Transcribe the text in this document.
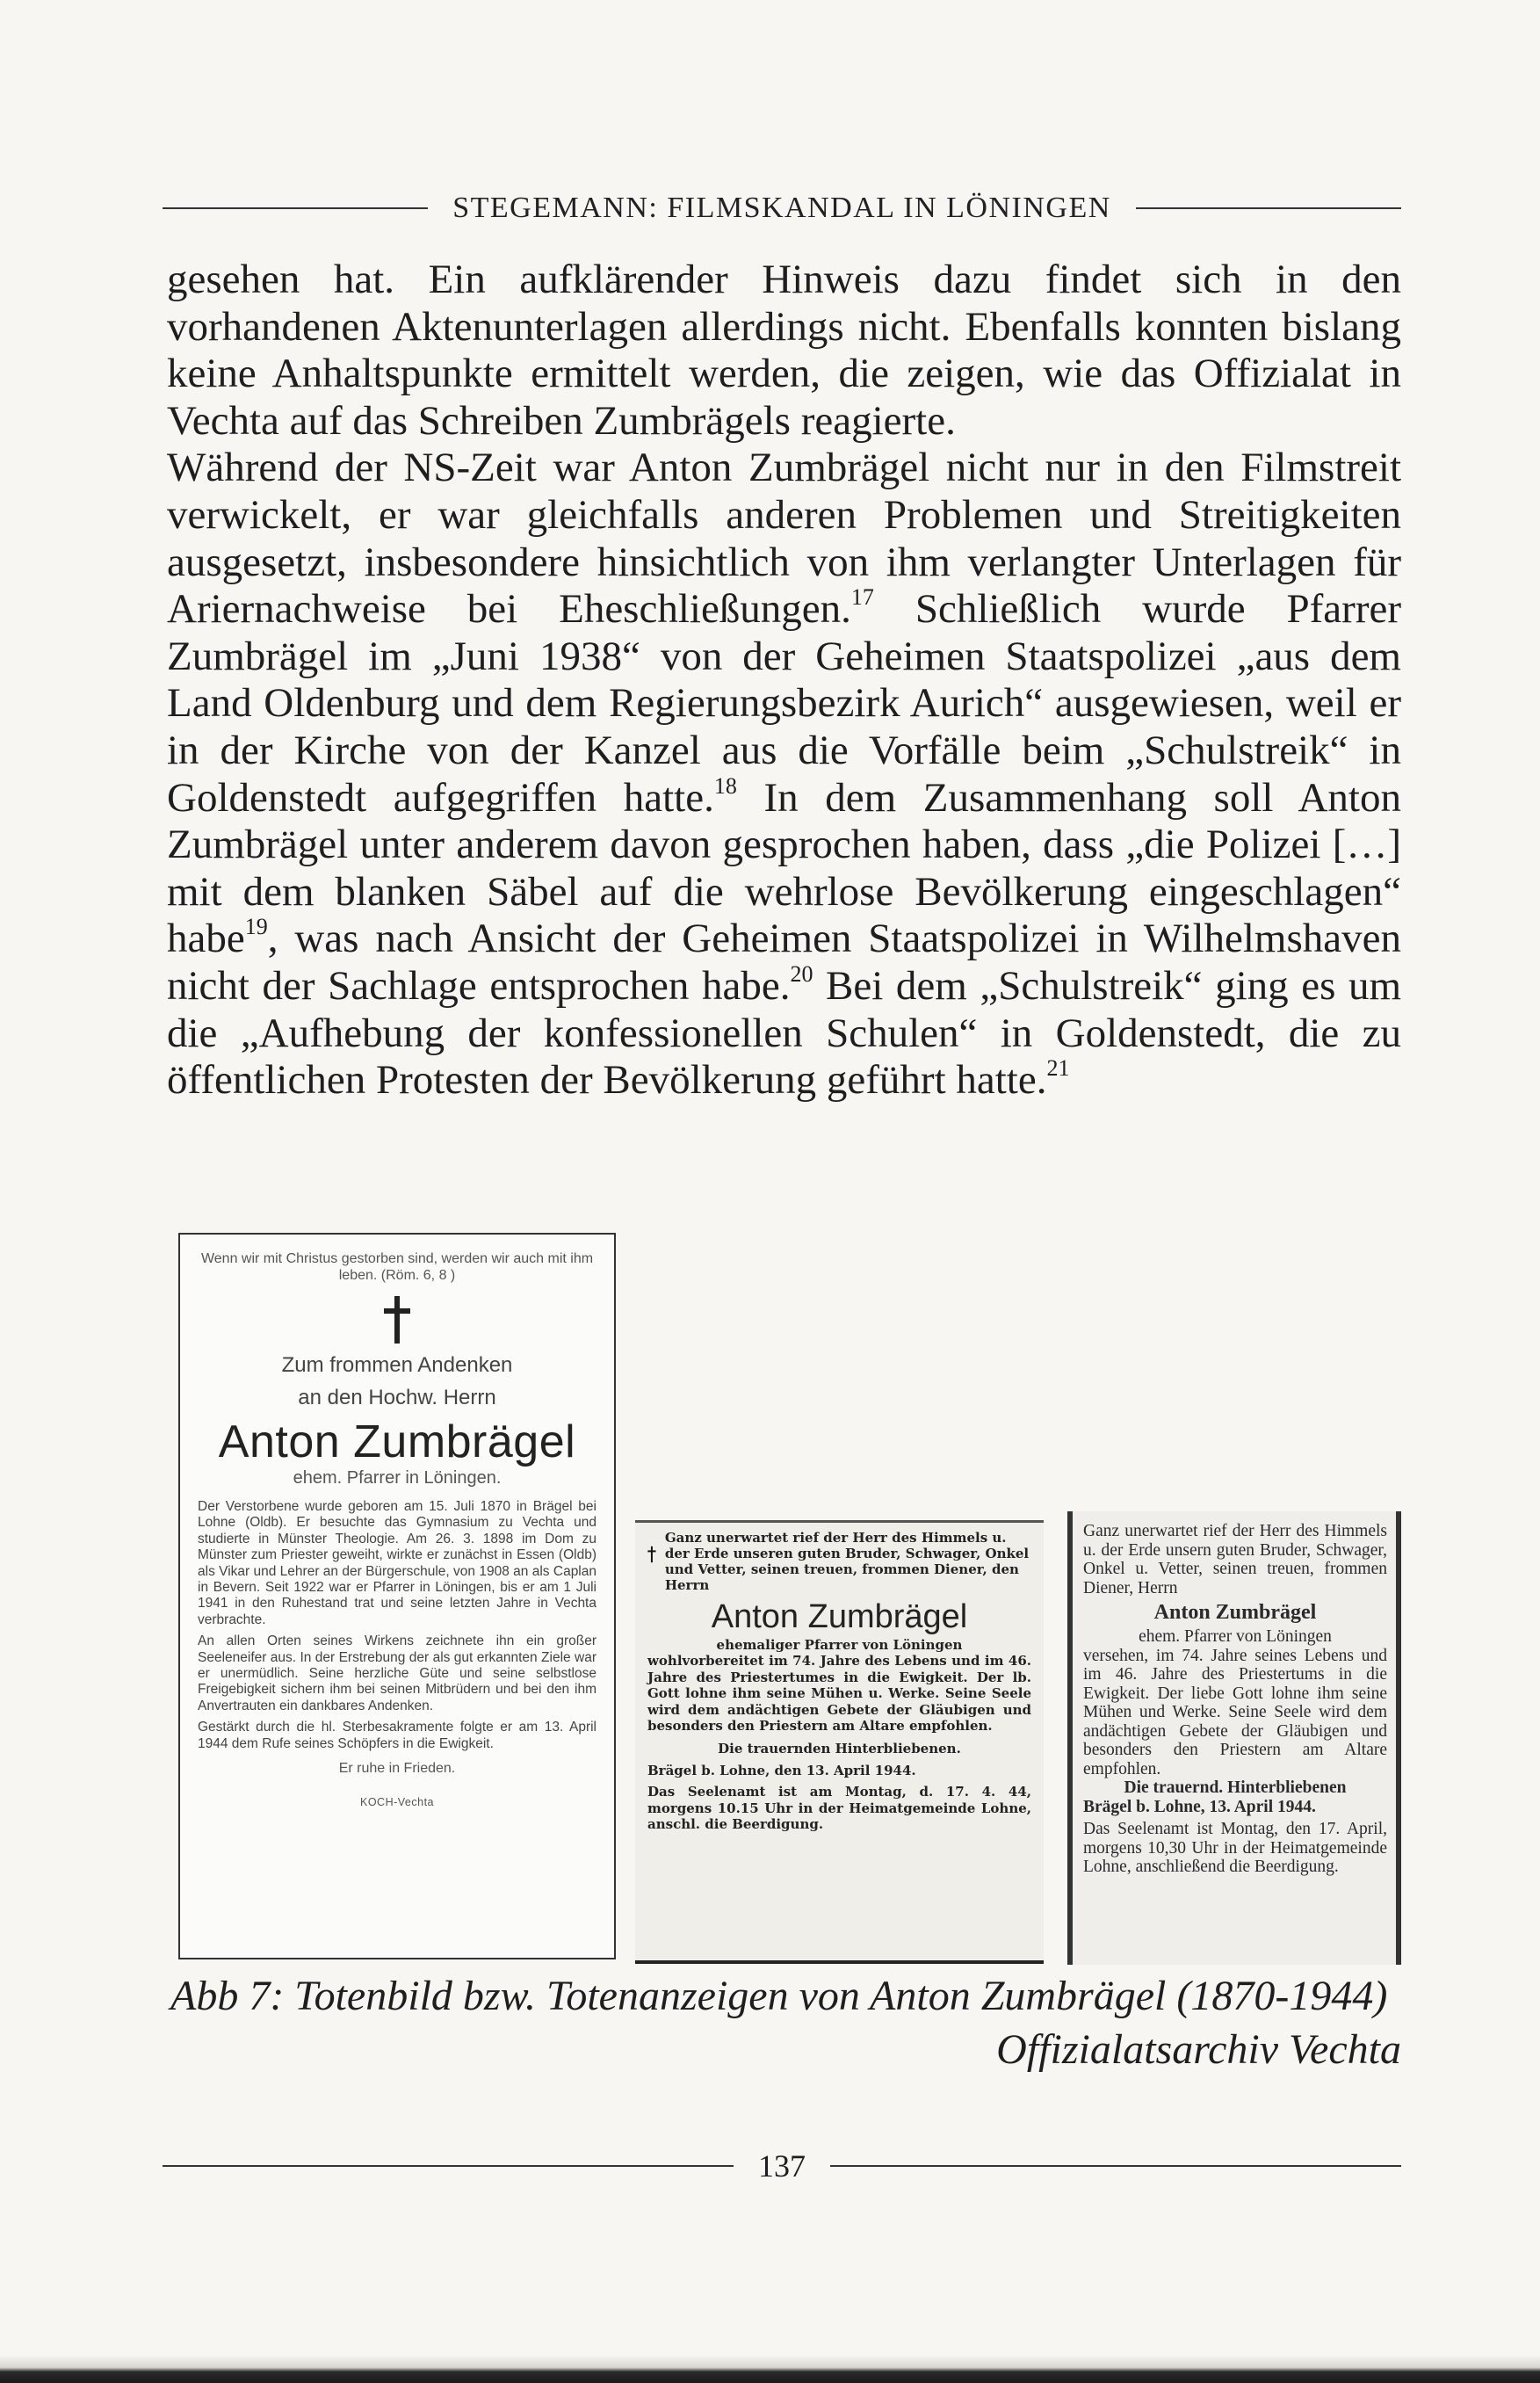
STEGEMANN: FILMSKANDAL IN LÖNINGEN

gesehen hat. Ein aufklärender Hinweis dazu findet sich in den vorhandenen Aktenunterlagen allerdings nicht. Ebenfalls konnten bislang keine Anhaltspunkte ermittelt werden, die zeigen, wie das Offizialat in Vechta auf das Schreiben Zumbrägels reagierte.

Während der NS-Zeit war Anton Zumbrägel nicht nur in den Filmstreit verwickelt, er war gleichfalls anderen Problemen und Streitigkeiten ausgesetzt, insbesondere hinsichtlich von ihm verlangter Unterlagen für Ariernachweise bei Eheschließungen.$^{17}$ Schließlich wurde Pfarrer Zumbrägel im „Juni 1938“ von der Geheimen Staatspolizei „aus dem Land Oldenburg und dem Regierungsbezirk Aurich“ ausgewiesen, weil er in der Kirche von der Kanzel aus die Vorfälle beim „Schulstreik“ in Goldenstedt aufgegriffen hatte.$^{18}$ In dem Zusammenhang soll Anton Zumbrägel unter anderem davon gesprochen haben, dass „die Polizei […] mit dem blanken Säbel auf die wehrlose Bevölkerung eingeschlagen“ habe$^{19}$, was nach Ansicht der Geheimen Staatspolizei in Wilhelmshaven nicht der Sachlage entsprochen habe.$^{20}$ Bei dem „Schulstreik“ ging es um die „Aufhebung der konfessionellen Schulen“ in Goldenstedt, die zu öffentlichen Protesten der Bevölkerung geführt hatte.$^{21}$

Wenn wir mit Christus gestorben sind, werden wir auch mit ihm leben. (Röm. 6, 8 )
Zum frommen Andenken
an den Hochw. Herrn
Anton Zumbrägel
ehem. Pfarrer in Löningen.

Der Verstorbene wurde geboren am 15. Juli 1870 in Brägel bei Lohne (Oldb). Er besuchte das Gymnasium zu Vechta und studierte in Münster Theologie. Am 26. 3. 1898 im Dom zu Münster zum Priester geweiht, wirkte er zunächst in Essen (Oldb) als Vikar und Lehrer an der Bürgerschule, von 1908 an als Caplan in Bevern. Seit 1922 war er Pfarrer in Löningen, bis er am 1 Juli 1941 in den Ruhestand trat und seine letzten Jahre in Vechta verbrachte.

An allen Orten seines Wirkens zeichnete ihn ein großer Seeleneifer aus. In der Erstrebung der als gut erkannten Ziele war er unermüdlich. Seine herzliche Güte und seine selbstlose Freigebigkeit sichern ihm bei seinen Mitbrüdern und bei den ihm Anvertrauten ein dankbares Andenken.

Gestärkt durch die hl. Sterbesakramente folgte er am 13. April 1944 dem Rufe seines Schöpfers in die Ewigkeit.

Er ruhe in Frieden.
KOCH-Vechta
Ganz unerwartet rief der Herr des Himmels u. der Erde unseren guten Bruder, Schwager, Onkel und Vetter, seinen treuen, frommen Diener, den Herrn
Anton Zumbrägel
ehemaliger Pfarrer von Löningen
wohlvorbereitet im 74. Jahre des Lebens und im 46. Jahre des Priestertumes in die Ewigkeit. Der lb. Gott lohne ihm seine Mühen u. Werke. Seine Seele wird dem andächtigen Gebete der Gläubigen und besonders den Priestern am Altare empfohlen.
Die trauernden Hinterbliebenen.
Brägel b. Lohne, den 13. April 1944.
Das Seelenamt ist am Montag, d. 17. 4. 44, morgens 10.15 Uhr in der Heimatgemeinde Lohne, anschl. die Beerdigung.
Ganz unerwartet rief der Herr des Himmels u. der Erde unsern guten Bruder, Schwager, Onkel u. Vetter, seinen treuen, frommen Diener, Herrn
Anton Zumbrägel
ehem. Pfarrer von Löningen
versehen, im 74. Jahre seines Lebens und im 46. Jahre des Priestertums in die Ewigkeit. Der liebe Gott lohne ihm seine Mühen und Werke. Seine Seele wird dem andächtigen Gebete der Gläubigen und besonders den Priestern am Altare empfohlen.
Die trauernd. Hinterbliebenen
Brägel b. Lohne, 13. April 1944.
Das Seelenamt ist Montag, den 17. April, morgens 10,30 Uhr in der Heimatgemeinde Lohne, anschließend die Beerdigung.
Abb 7: Totenbild bzw. Totenanzeigen von Anton Zumbrägel (1870-1944)
Offizialatsarchiv Vechta
137
